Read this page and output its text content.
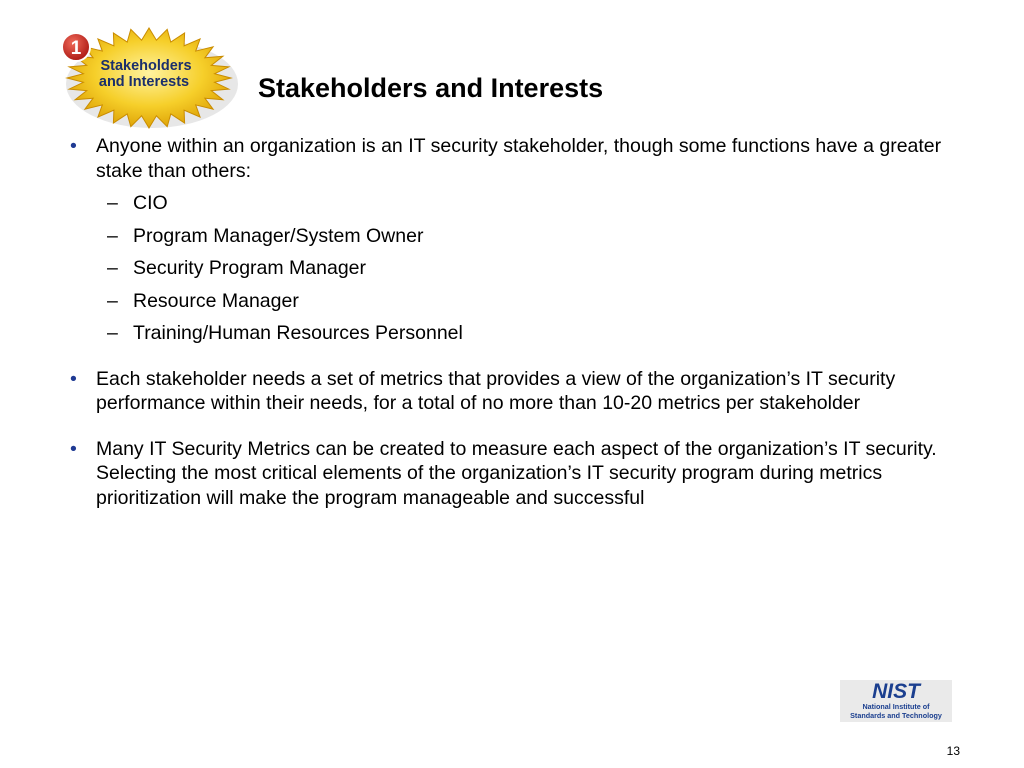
1
Stakeholders
and Interests	Stakeholders and Interests
• Anyone within an organization is an IT security stakeholder, though some functions have a greater stake than others:
– CIO
– Program Manager/System Owner
– Security Program Manager
– Resource Manager
– Training/Human Resources Personnel
• Each stakeholder needs a set of metrics that provides a view of the organization’s IT security performance within their needs, for a total of no more than 10-20 metrics per stakeholder
• Many IT Security Metrics can be created to measure each aspect of the organization’s IT security. Selecting the most critical elements of the organization’s IT security program during metrics prioritization will make the program manageable and successful
NIST
National Institute of
Standards and Technology
13
